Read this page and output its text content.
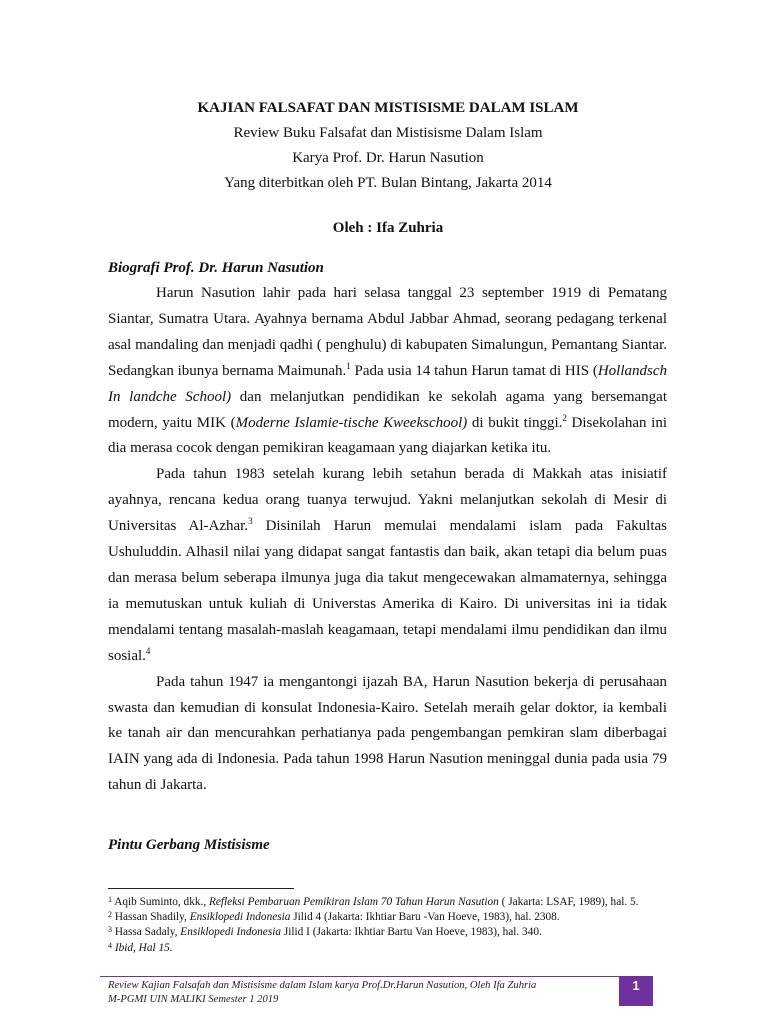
KAJIAN FALSAFAT DAN MISTISISME DALAM ISLAM
Review Buku Falsafat dan Mistisisme Dalam Islam
Karya Prof. Dr. Harun Nasution
Yang diterbitkan oleh PT. Bulan Bintang, Jakarta 2014
Oleh : Ifa Zuhria
Biografi Prof. Dr. Harun Nasution

Harun Nasution lahir pada hari selasa tanggal 23 september 1919 di Pematang Siantar, Sumatra Utara. Ayahnya bernama Abdul Jabbar Ahmad, seorang pedagang terkenal asal mandaling dan menjadi qadhi ( penghulu) di kabupaten Simalungun, Pemantang Siantar. Sedangkan ibunya bernama Maimunah.$^1$ Pada usia 14 tahun Harun tamat di HIS (Hollandsch In landche School) dan melanjutkan pendidikan ke sekolah agama yang bersemangat modern, yaitu MIK (Moderne Islamie-tische Kweekschool) di bukit tinggi.$^2$ Disekolahan ini dia merasa cocok dengan pemikiran keagamaan yang diajarkan ketika itu.

Pada tahun 1983 setelah kurang lebih setahun berada di Makkah atas inisiatif ayahnya, rencana kedua orang tuanya terwujud. Yakni melanjutkan sekolah di Mesir di Universitas Al-Azhar.$^3$ Disinilah Harun memulai mendalami islam pada Fakultas Ushuluddin. Alhasil nilai yang didapat sangat fantastis dan baik, akan tetapi dia belum puas dan merasa belum seberapa ilmunya juga dia takut mengecewakan almamaternya, sehingga ia memutuskan untuk kuliah di Universtas Amerika di Kairo. Di universitas ini ia tidak mendalami tentang masalah-maslah keagamaan, tetapi mendalami ilmu pendidikan dan ilmu sosial.$^4$

Pada tahun 1947 ia mengantongi ijazah BA, Harun Nasution bekerja di perusahaan swasta dan kemudian di konsulat Indonesia-Kairo. Setelah meraih gelar doktor, ia kembali ke tanah air dan mencurahkan perhatianya pada pengembangan pemkiran slam diberbagai IAIN yang ada di Indonesia. Pada tahun 1998 Harun Nasution meninggal dunia pada usia 79 tahun di Jakarta.

Pintu Gerbang Mistisisme

$^1$ Aqib Suminto, dkk., Refleksi Pembaruan Pemikiran Islam 70 Tahun Harun Nasution ( Jakarta: LSAF, 1989), hal. 5.

$^2$ Hassan Shadily, Ensiklopedi Indonesia Jilid 4 (Jakarta: Ikhtiar Baru -Van Hoeve, 1983), hal. 2308.

$^3$ Hassa Sadaly, Ensiklopedi Indonesia Jilid I (Jakarta: Ikhtiar Bartu Van Hoeve, 1983), hal. 340.

$^4$ Ibid, Hal 15.

Review Kajian Falsafah dan Mistisisme dalam Islam karya Prof.Dr.Harun Nasution, Oleh Ifa Zuhria
M-PGMI UIN MALIKI Semester 1 2019
1
